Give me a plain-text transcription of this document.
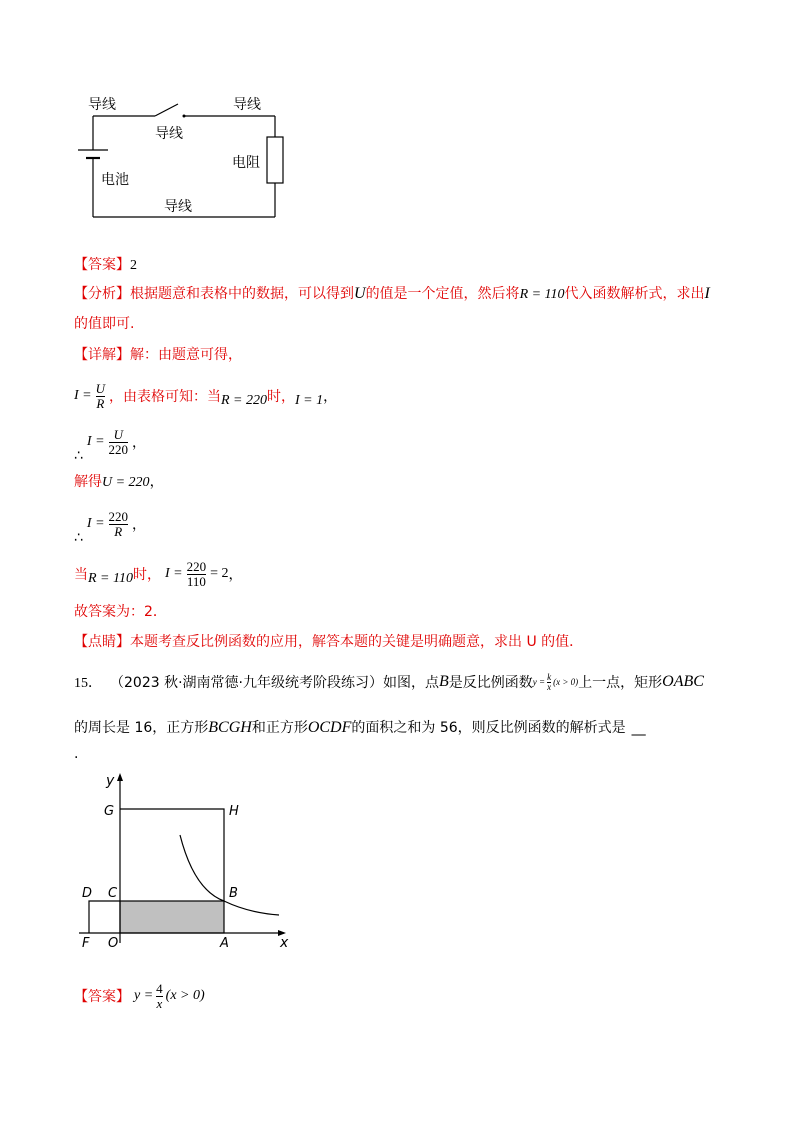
导线	导线
导线
电池
电阻
导线
【答案】2
【分析】根据题意和表格中的数据，可以得到U的值是一个定值，然后将R = 110代入函数解析式，求出I
的值即可.
【详解】解：由题意可得，
$I = \frac{U}{R}$ ，由表格可知：当 R = 220 时， I = 1 ，
∴
$I = \frac{U}{220}$ ，
解得U = 220，
∴
$I = \frac{220}{R}$ ，
当 R = 110 时， $I = \frac{220}{110} = 2$ ，
故答案为：2．
【点睛】本题考查反比例函数的应用，解答本题的关键是明确题意，求出 U 的值．
15． （2023 秋·湖南常德·九年级统考阶段练习） 如图，点 B 是反比例函数 $y = \frac{k}{x} (x > 0)$ 上一点，矩形 OABC
的周长是 16，正方形BCGH和正方形OCDF的面积之和为 56，则反比例函数的解析式是 __
.
y
x
G	H
D C	B
F O	A
【答案】 $y = \frac{4}{x} (x > 0)$
